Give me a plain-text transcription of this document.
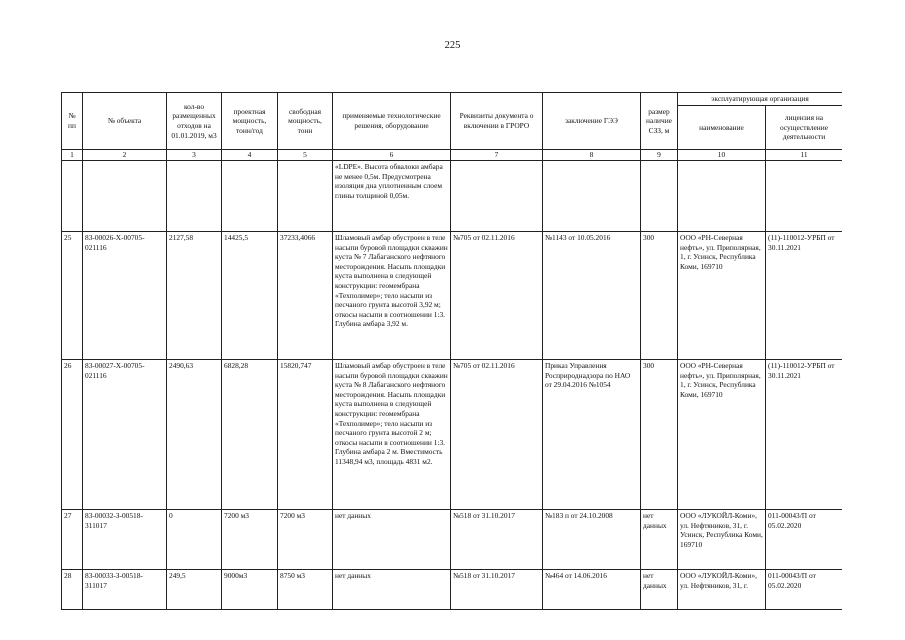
225
№ пп	№ объекта	кол-во размещенных отходов на 01.01.2019, м3	проектная мощность, тонн/год	свободная мощность, тонн	применяемые технологические решения, оборудование	Реквизиты документа о включении в ГРОРО	заключение ГЭЭ	размер наличие СЗЗ, м	эксплуатирующая организация	
									наименование	лицензия на осуществление деятельности
1	2	3	4	5	6	7	8	9	10	11
					«LDPE». Высота обвалоки амбара не менее 0,5м. Предусмотрена изоляция дна уплотненным слоем глины толщиной 0,05м.					
25	83-00026-Х-00705-021116	2127,58	14425,5	37233,4066	Шламовый амбар обустроен в теле насыпи буровой площадки скважин куста № 7 Лабаганского нефтяного месторождения. Насыпь площадки куста выполнена в следующей конструкции: геомембрана «Техполимер»; тело насыпи из песчаного грунта высотой 3,92 м; откосы насыпи в соотношении 1:3. Глубина амбара 3,92 м.	№705 от 02.11.2016	№1143 от 10.05.2016	300	ООО «РН-Северная нефть», ул. Приполярная, 1, г. Усинск, Республика Коми, 169710	(11)-110012-УРБП от 30.11.2021
26	83-00027-Х-00705-021116	2490,63	6828,28	15820,747	Шламовый амбар обустроен в теле насыпи буровой площадки скважин куста № 8 Лабаганского нефтяного месторождения. Насыпь площадки куста выполнена в следующей конструкции: геомембрана «Техполимер»; тело насыпи из песчаного грунта высотой 2 м; откосы насыпи в соотношении 1:3. Глубина амбара 2 м. Вместимость 11348,94 м3, площадь 4831 м2.	№705 от 02.11.2016	Приказ Управления Росприроднадзора по НАО от 29.04.2016 №1054	300	ООО «РН-Северная нефть», ул. Приполярная, 1, г. Усинск, Республика Коми, 169710	(11)-110012-УРБП от 30.11.2021
27	83-00032-З-00518-311017	0	7200 м3	7200 м3	нет данных	№518 от 31.10.2017	№183 п от 24.10.2008	нет данных	ООО «ЛУКОЙЛ-Коми», ул. Нефтяников, 31, г. Усинск, Республика Коми, 169710	011-00043/П от 05.02.2020
28	83-00033-З-00518-311017	249,5	9000м3	8750 м3	нет данных	№518 от 31.10.2017	№464 от 14.06.2016	нет данных	ООО «ЛУКОЙЛ-Коми», ул. Нефтяников, 31, г.	011-00043/П от 05.02.2020
